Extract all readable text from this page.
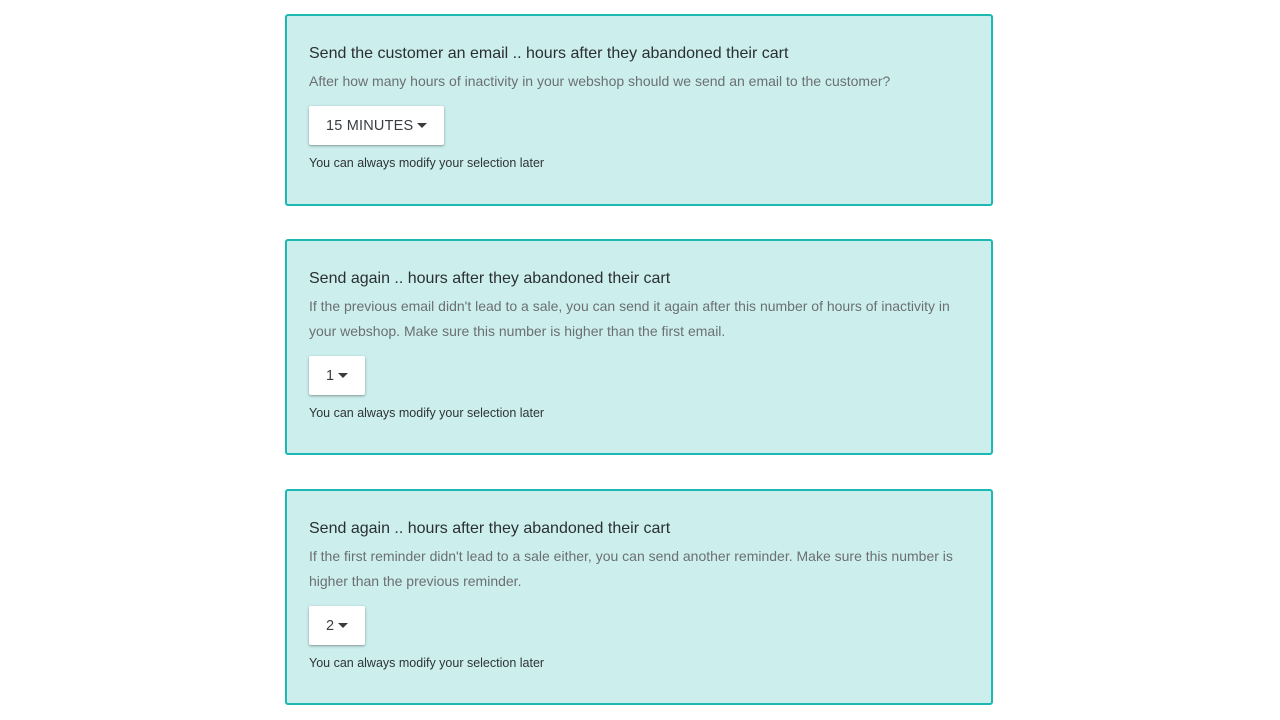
Send the customer an email .. hours after they abandoned their cart

After how many hours of inactivity in your webshop should we send an email to the customer?

15 MINUTES

You can always modify your selection later

Send again .. hours after they abandoned their cart

If the previous email didn't lead to a sale, you can send it again after this number of hours of inactivity in your webshop. Make sure this number is higher than the first email.

1

You can always modify your selection later

Send again .. hours after they abandoned their cart

If the first reminder didn't lead to a sale either, you can send another reminder. Make sure this number is higher than the previous reminder.

2

You can always modify your selection later
